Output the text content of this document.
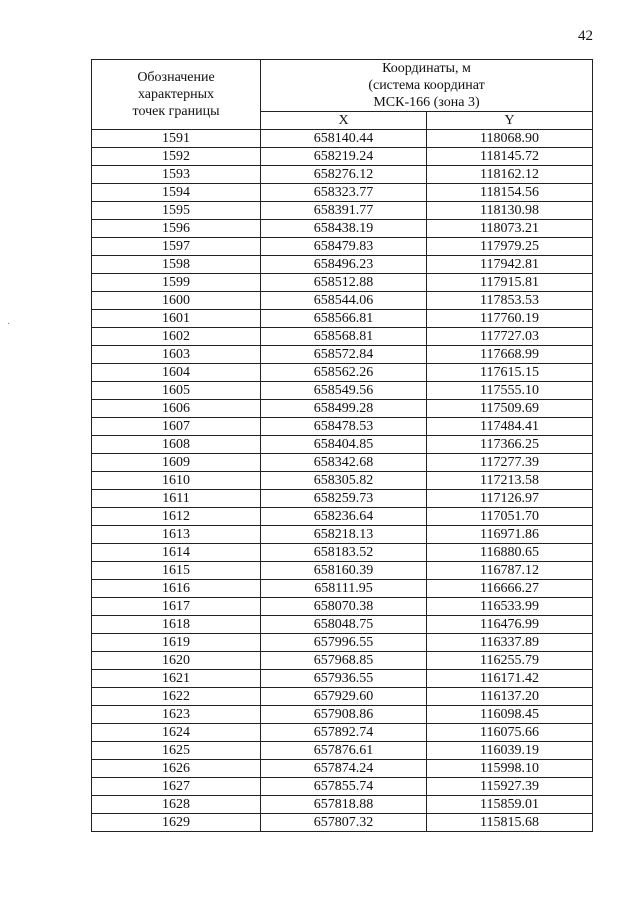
42
·
Обозначение
характерных
точек границы	Координаты, м
(система координат
МСК-166 (зона 3)	

	X	Y
1591	658140.44	118068.90
1592	658219.24	118145.72
1593	658276.12	118162.12
1594	658323.77	118154.56
1595	658391.77	118130.98
1596	658438.19	118073.21
1597	658479.83	117979.25
1598	658496.23	117942.81
1599	658512.88	117915.81
1600	658544.06	117853.53
1601	658566.81	117760.19
1602	658568.81	117727.03
1603	658572.84	117668.99
1604	658562.26	117615.15
1605	658549.56	117555.10
1606	658499.28	117509.69
1607	658478.53	117484.41
1608	658404.85	117366.25
1609	658342.68	117277.39
1610	658305.82	117213.58
1611	658259.73	117126.97
1612	658236.64	117051.70
1613	658218.13	116971.86
1614	658183.52	116880.65
1615	658160.39	116787.12
1616	658111.95	116666.27
1617	658070.38	116533.99
1618	658048.75	116476.99
1619	657996.55	116337.89
1620	657968.85	116255.79
1621	657936.55	116171.42
1622	657929.60	116137.20
1623	657908.86	116098.45
1624	657892.74	116075.66
1625	657876.61	116039.19
1626	657874.24	115998.10
1627	657855.74	115927.39
1628	657818.88	115859.01
1629	657807.32	115815.68
